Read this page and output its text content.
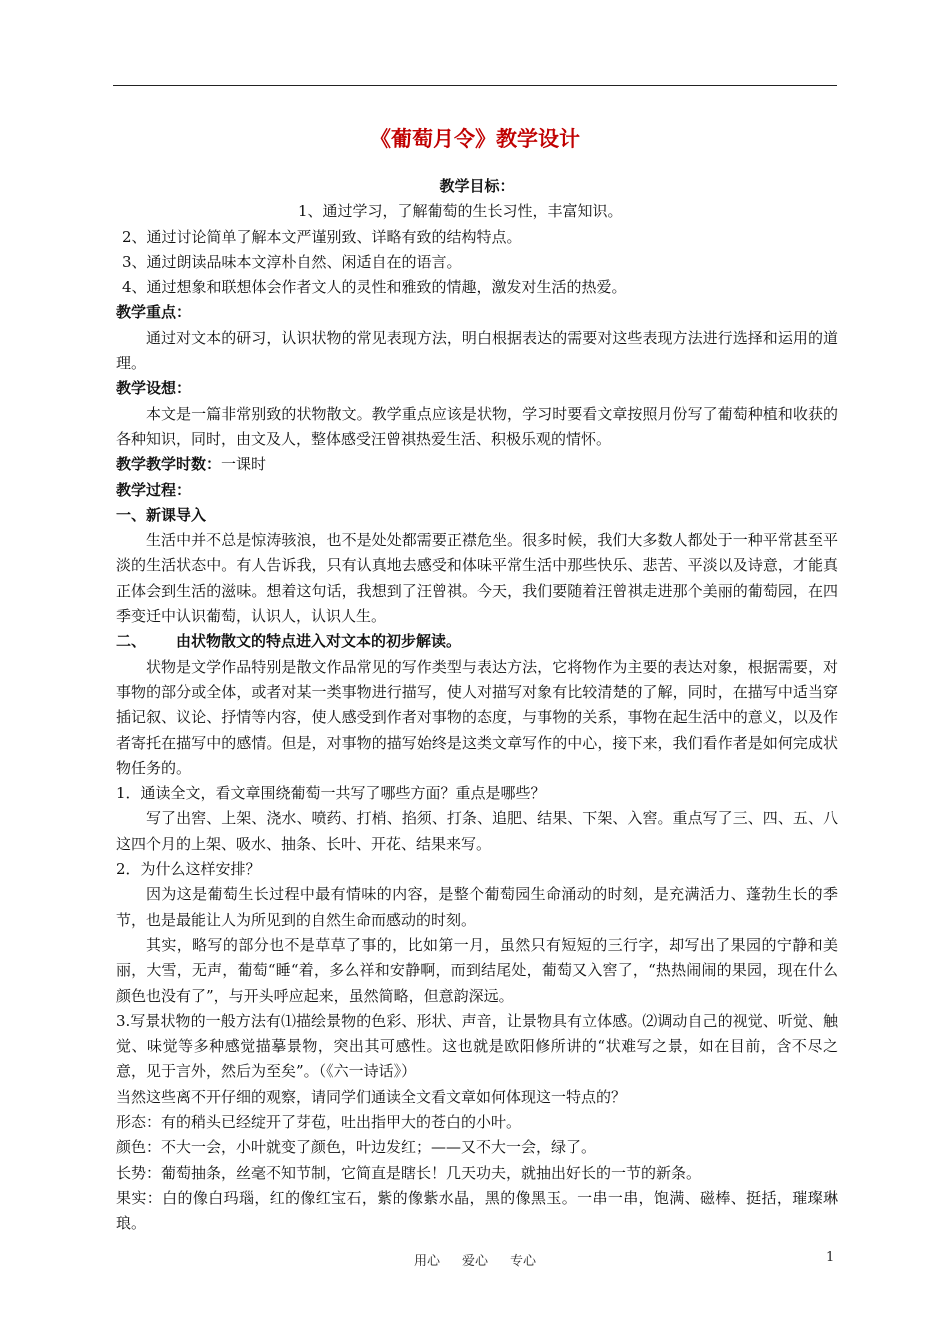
《葡萄月令》教学设计

教学目标：

1、通过学习，了解葡萄的生长习性，丰富知识。

2、通过讨论简单了解本文严谨别致、详略有致的结构特点。

3、通过朗读品味本文淳朴自然、闲适自在的语言。

4、通过想象和联想体会作者文人的灵性和雅致的情趣，激发对生活的热爱。

教学重点：

通过对文本的研习，认识状物的常见表现方法，明白根据表达的需要对这些表现方法进行选择和运用的道理。

教学设想：

本文是一篇非常别致的状物散文。教学重点应该是状物，学习时要看文章按照月份写了葡萄种植和收获的各种知识，同时，由文及人，整体感受汪曾祺热爱生活、积极乐观的情怀。

教学教学时数：一课时

教学过程：

一、新课导入

生活中并不总是惊涛骇浪，也不是处处都需要正襟危坐。很多时候，我们大多数人都处于一种平常甚至平淡的生活状态中。有人告诉我，只有认真地去感受和体味平常生活中那些快乐、悲苦、平淡以及诗意，才能真正体会到生活的滋味。想着这句话，我想到了汪曾祺。今天，我们要随着汪曾祺走进那个美丽的葡萄园，在四季变迁中认识葡萄，认识人，认识人生。

二、 由状物散文的特点进入对文本的初步解读。

状物是文学作品特别是散文作品常见的写作类型与表达方法，它将物作为主要的表达对象，根据需要，对事物的部分或全体，或者对某一类事物进行描写，使人对描写对象有比较清楚的了解，同时，在描写中适当穿插记叙、议论、抒情等内容，使人感受到作者对事物的态度，与事物的关系，事物在起生活中的意义，以及作者寄托在描写中的感情。但是，对事物的描写始终是这类文章写作的中心，接下来，我们看作者是如何完成状物任务的。

1．通读全文，看文章围绕葡萄一共写了哪些方面？重点是哪些？

写了出窖、上架、浇水、喷药、打梢、掐须、打条、追肥、结果、下架、入窖。重点写了三、四、五、八这四个月的上架、吸水、抽条、长叶、开花、结果来写。

2．为什么这样安排？

因为这是葡萄生长过程中最有情味的内容，是整个葡萄园生命涌动的时刻，是充满活力、蓬勃生长的季节，也是最能让人为所见到的自然生命而感动的时刻。

其实，略写的部分也不是草草了事的，比如第一月，虽然只有短短的三行字，却写出了果园的宁静和美丽，大雪，无声，葡萄“睡“着，多么祥和安静啊，而到结尾处，葡萄又入窖了，“热热闹闹的果园，现在什么颜色也没有了”，与开头呼应起来，虽然简略，但意韵深远。

3.写景状物的一般方法有⑴描绘景物的色彩、形状、声音，让景物具有立体感。⑵调动自己的视觉、听觉、触觉、味觉等多种感觉描摹景物，突出其可感性。这也就是欧阳修所讲的“状难写之景，如在目前，含不尽之意，见于言外，然后为至矣”。（《六一诗话》）

当然这些离不开仔细的观察，请同学们通读全文看文章如何体现这一特点的？

形态：有的稍头已经绽开了芽苞，吐出指甲大的苍白的小叶。

颜色：不大一会，小叶就变了颜色，叶边发红；——又不大一会，绿了。

长势：葡萄抽条，丝毫不知节制，它简直是瞎长！几天功夫，就抽出好长的一节的新条。

果实：白的像白玛瑙，红的像红宝石，紫的像紫水晶，黑的像黑玉。一串一串，饱满、磁棒、挺括，璀璨琳琅。

用心 爱心 专心	1
